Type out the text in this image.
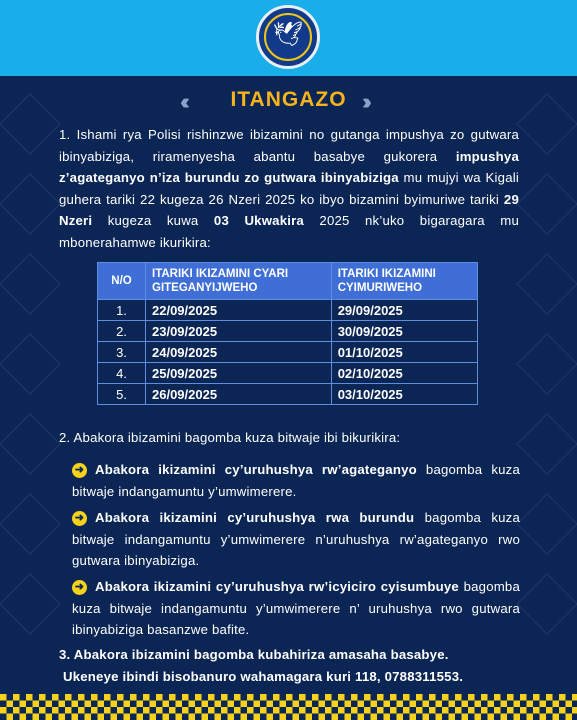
🕊
‹‹‹	ITANGAZO ›››
1. Ishami rya Polisi rishinzwe ibizamini no gutanga impushya zo gutwara ibinyabiziga, riramenyesha abantu basabye gukorera impushya z’agateganyo n’iza burundu zo gutwara ibinyabiziga mu mujyi wa Kigali guhera tariki 22 kugeza 26 Nzeri 2025 ko ibyo bizamini byimuriwe tariki 29 Nzeri kugeza kuwa 03 Ukwakira 2025 nk’uko bigaragara mu mbonerahamwe ikurikira:
N/O	ITARIKI IKIZAMINI CYARI GITEGANYIJWEHO	ITARIKI IKIZAMINI CYIMURIWEHO
1.	22/09/2025	29/09/2025
2.	23/09/2025	30/09/2025
3.	24/09/2025	01/10/2025
4.	25/09/2025	02/10/2025
5.	26/09/2025	03/10/2025
2. Abakora ibizamini bagomba kuza bitwaje ibi bikurikira:
➜ Abakora ikizamini cy’uruhushya rw’agateganyo bagomba kuza bitwaje indangamuntu y’umwimerere.
➜ Abakora ikizamini cy’uruhushya rwa burundu bagomba kuza bitwaje indangamuntu y’umwimerere n’uruhushya rw’agateganyo rwo gutwara ibinyabiziga.
➜ Abakora ikizamini cy’uruhushya rw’icyiciro cyisumbuye bagomba kuza bitwaje indangamuntu y’umwimerere n’ uruhushya rwo gutwara ibinyabiziga basanzwe bafite.
3. Abakora ibizamini bagomba kubahiriza amasaha basabye.
Ukeneye ibindi bisobanuro wahamagara kuri 118, 0788311553.
